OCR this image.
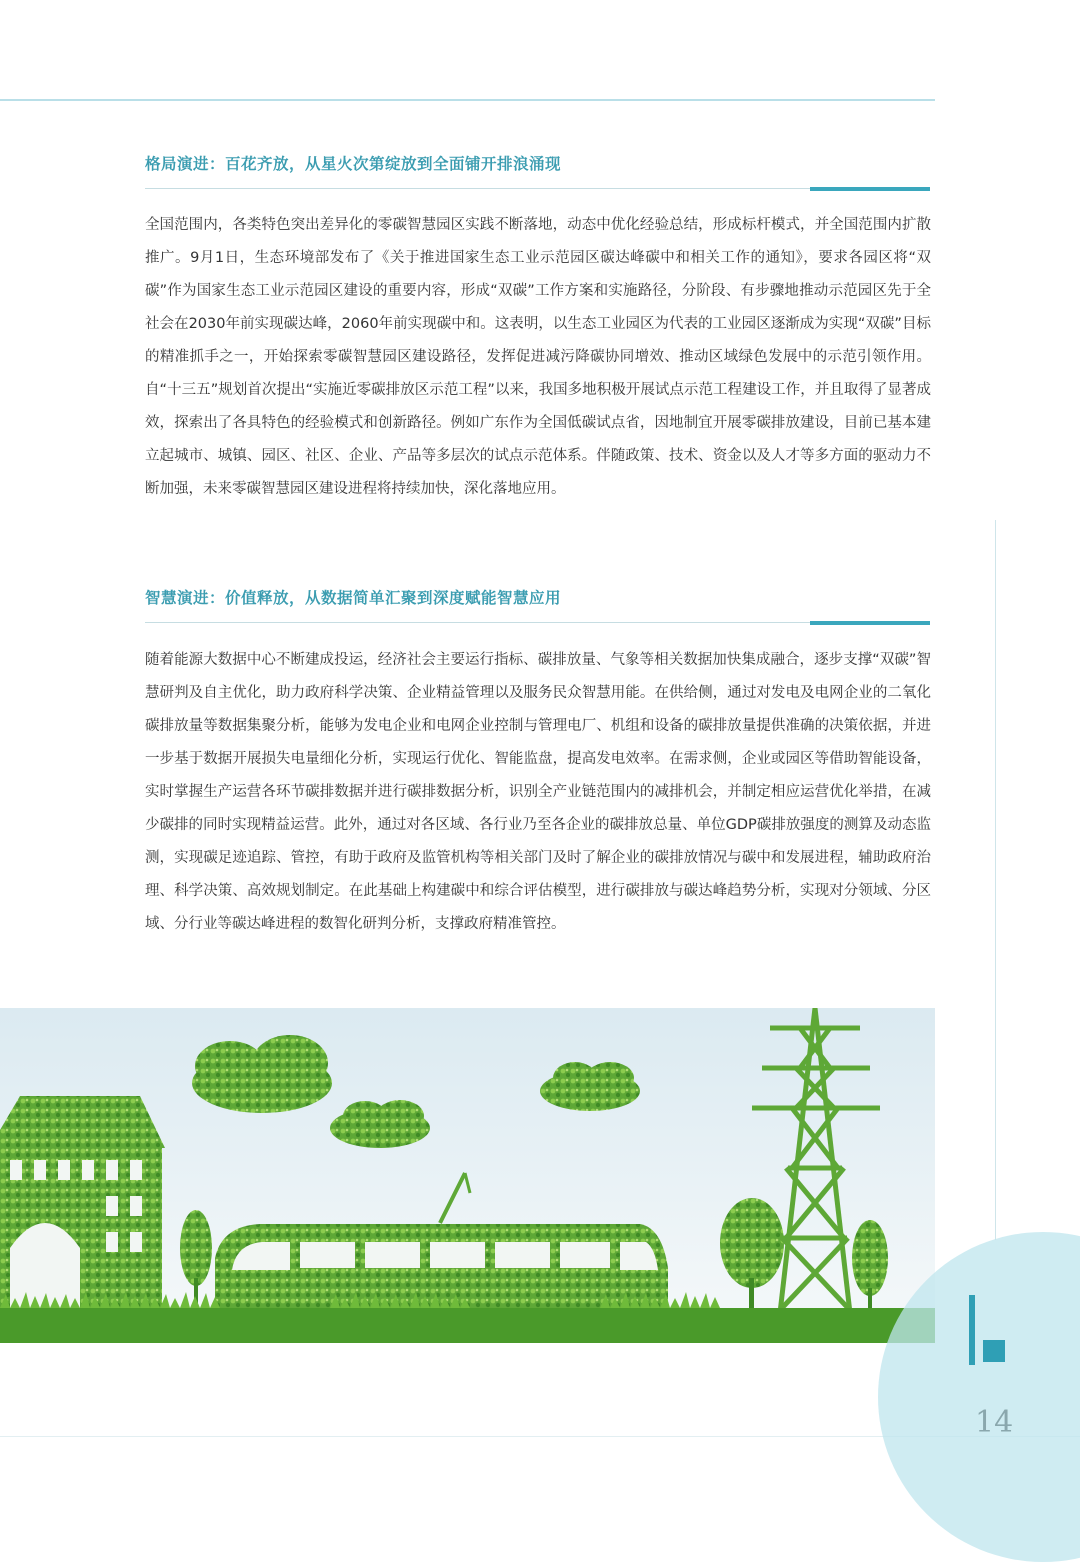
格局演进：百花齐放，从星火次第绽放到全面铺开排浪涌现

全国范围内，各类特色突出差异化的零碳智慧园区实践不断落地，动态中优化经验总结，形成标杆模式，并全国范围内扩散推广。9月1日，生态环境部发布了《关于推进国家生态工业示范园区碳达峰碳中和相关工作的通知》，要求各园区将“双碳”作为国家生态工业示范园区建设的重要内容，形成“双碳”工作方案和实施路径，分阶段、有步骤地推动示范园区先于全社会在2030年前实现碳达峰，2060年前实现碳中和。这表明，以生态工业园区为代表的工业园区逐渐成为实现“双碳”目标的精准抓手之一，开始探索零碳智慧园区建设路径，发挥促进减污降碳协同增效、推动区域绿色发展中的示范引领作用。自“十三五”规划首次提出“实施近零碳排放区示范工程”以来，我国多地积极开展试点示范工程建设工作，并且取得了显著成效，探索出了各具特色的经验模式和创新路径。例如广东作为全国低碳试点省，因地制宜开展零碳排放建设，目前已基本建立起城市、城镇、园区、社区、企业、产品等多层次的试点示范体系。伴随政策、技术、资金以及人才等多方面的驱动力不断加强，未来零碳智慧园区建设进程将持续加快，深化落地应用。

智慧演进：价值释放，从数据简单汇聚到深度赋能智慧应用

随着能源大数据中心不断建成投运，经济社会主要运行指标、碳排放量、气象等相关数据加快集成融合，逐步支撑“双碳”智慧研判及自主优化，助力政府科学决策、企业精益管理以及服务民众智慧用能。在供给侧，通过对发电及电网企业的二氧化碳排放量等数据集聚分析，能够为发电企业和电网企业控制与管理电厂、机组和设备的碳排放量提供准确的决策依据，并进一步基于数据开展损失电量细化分析，实现运行优化、智能监盘，提高发电效率。在需求侧，企业或园区等借助智能设备，实时掌握生产运营各环节碳排数据并进行碳排数据分析，识别全产业链范围内的减排机会，并制定相应运营优化举措，在减少碳排的同时实现精益运营。此外，通过对各区域、各行业乃至各企业的碳排放总量、单位GDP碳排放强度的测算及动态监测，实现碳足迹追踪、管控，有助于政府及监管机构等相关部门及时了解企业的碳排放情况与碳中和发展进程，辅助政府治理、科学决策、高效规划制定。在此基础上构建碳中和综合评估模型，进行碳排放与碳达峰趋势分析，实现对分领域、分区域、分行业等碳达峰进程的数智化研判分析，支撑政府精准管控。

14
